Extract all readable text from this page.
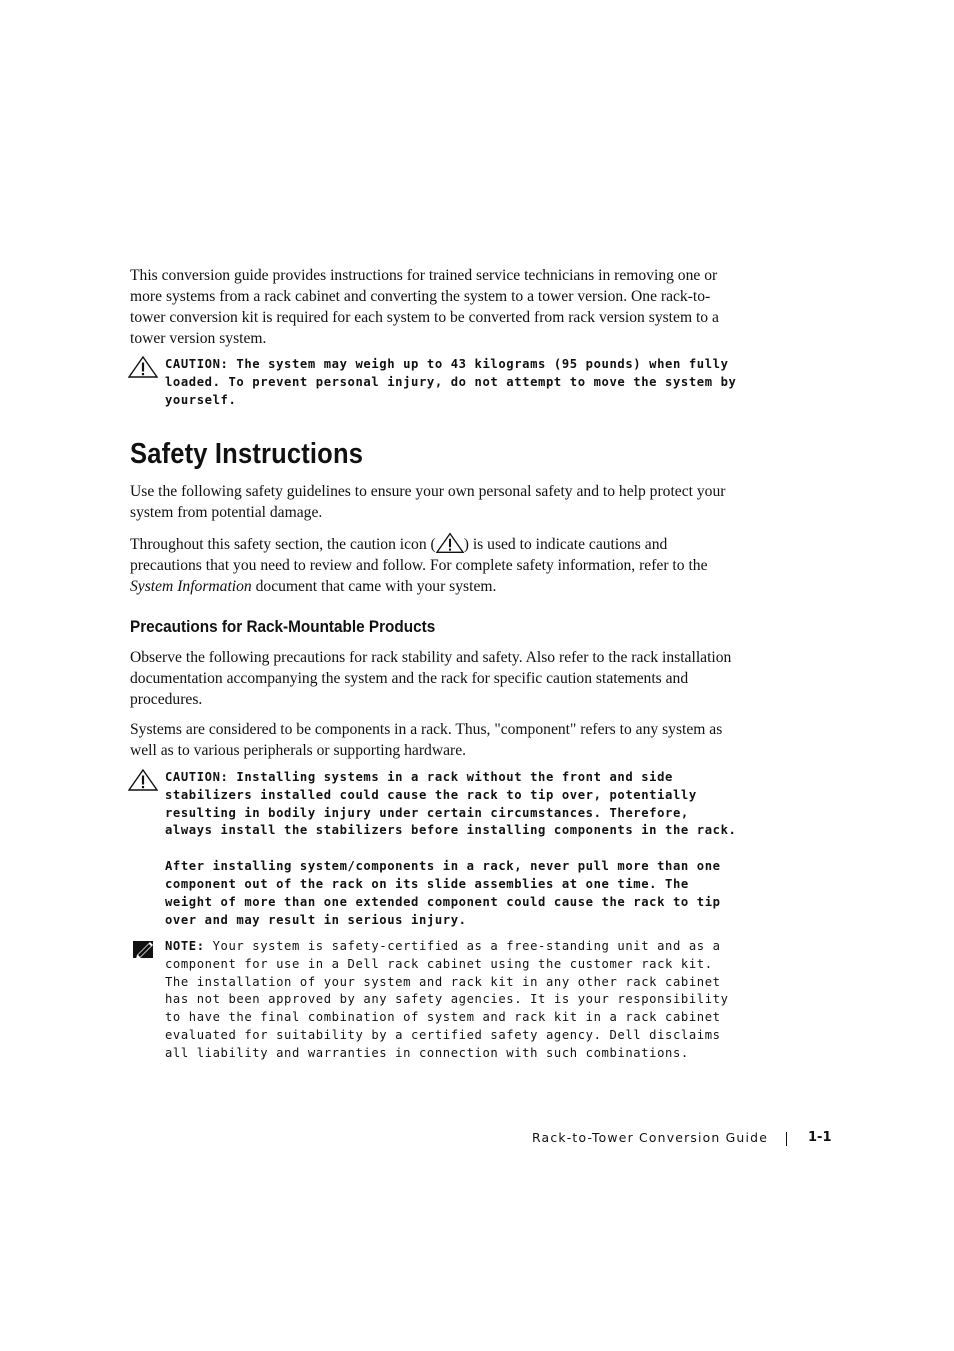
This conversion guide provides instructions for trained service technicians in removing one or more systems from a rack cabinet and converting the system to a tower version. One rack-to-tower conversion kit is required for each system to be converted from rack version system to a tower version system.

CAUTION: The system may weigh up to 43 kilograms (95 pounds) when fully loaded. To prevent personal injury, do not attempt to move the system by yourself.

Safety Instructions

Use the following safety guidelines to ensure your own personal safety and to help protect your system from potential damage.

Throughout this safety section, the caution icon ( ) is used to indicate cautions and precautions that you need to review and follow. For complete safety information, refer to the System Information document that came with your system.

Precautions for Rack-Mountable Products

Observe the following precautions for rack stability and safety. Also refer to the rack installation documentation accompanying the system and the rack for specific caution statements and procedures.

Systems are considered to be components in a rack. Thus, "component" refers to any system as well as to various peripherals or supporting hardware.

CAUTION: Installing systems in a rack without the front and side stabilizers installed could cause the rack to tip over, potentially resulting in bodily injury under certain circumstances. Therefore, always install the stabilizers before installing components in the rack.

After installing system/components in a rack, never pull more than one component out of the rack on its slide assemblies at one time. The weight of more than one extended component could cause the rack to tip over and may result in serious injury.

NOTE: Your system is safety-certified as a free-standing unit and as a component for use in a Dell rack cabinet using the customer rack kit. The installation of your system and rack kit in any other rack cabinet has not been approved by any safety agencies. It is your responsibility to have the final combination of system and rack kit in a rack cabinet evaluated for suitability by a certified safety agency. Dell disclaims all liability and warranties in connection with such combinations.

Rack-to-Tower Conversion Guide	1-1
